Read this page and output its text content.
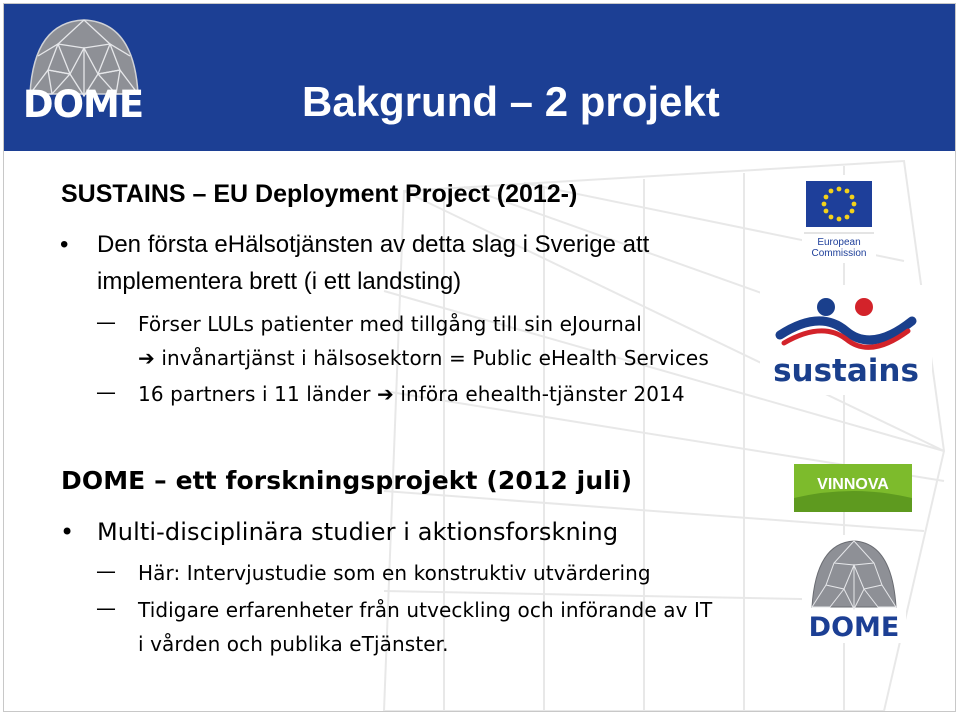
DOME	Bakgrund – 2 projekt
SUSTAINS – EU Deployment Project (2012-)
• Den första eHälsotjänsten av detta slag i Sverige att
implementera brett (i ett landsting)
— Förser LULs patienter med tillgång till sin eJournal
➔ invånartjänst i hälsosektorn = Public eHealth Services
— 16 partners i 11 länder ➔ införa ehealth-tjänster 2014
DOME – ett forskningsprojekt (2012 juli)
• Multi-disciplinära studier i aktionsforskning
— Här: Intervjustudie som en konstruktiv utvärdering
— Tidigare erfarenheter från utveckling och införande av IT
i vården och publika eTjänster.
European
Commission
sustains
VINNOVA
DOME
